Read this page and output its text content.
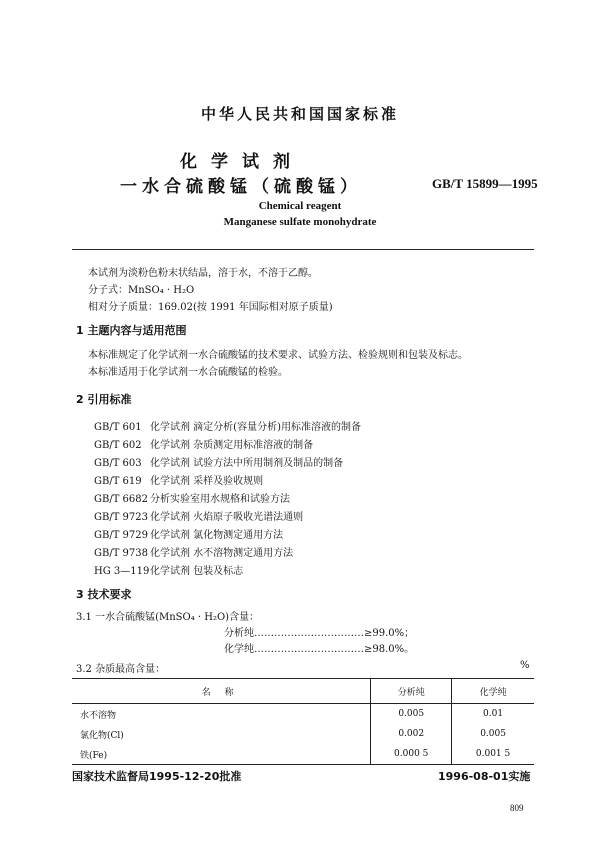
中华人民共和国国家标准
化学试剂
一水合硫酸锰（硫酸锰）	GB/T 15899—1995
Chemical reagent
Manganese sulfate monohydrate
本试剂为淡粉色粉末状结晶，溶于水，不溶于乙醇。
分子式：MnSO₄ · H₂O
相对分子质量：169.02(按 1991 年国际相对原子质量)
1 主题内容与适用范围
本标准规定了化学试剂一水合硫酸锰的技术要求、试验方法、检验规则和包装及标志。
本标准适用于化学试剂一水合硫酸锰的检验。
2 引用标准
GB/T 601 化学试剂 滴定分析(容量分析)用标准溶液的制备
GB/T 602 化学试剂 杂质测定用标准溶液的制备
GB/T 603 化学试剂 试验方法中所用制剂及制品的制备
GB/T 619 化学试剂 采样及验收规则
GB/T 6682 分析实验室用水规格和试验方法
GB/T 9723 化学试剂 火焰原子吸收光谱法通则
GB/T 9729 化学试剂 氯化物测定通用方法
GB/T 9738 化学试剂 水不溶物测定通用方法
HG 3—119化学试剂 包装及标志
3 技术要求
3.1 一水合硫酸锰(MnSO₄ · H₂O)含量：
分析纯……………………………≥99.0%；
化学纯……………………………≥98.0%。
3.2 杂质最高含量：	%
名称	分析纯	化学纯
水不溶物	0.005	0.01
氯化物(Cl)	0.002	0.005
铁(Fe)	0.000 5	0.001 5
国家技术监督局1995-12-20批准	1996-08-01实施
809
